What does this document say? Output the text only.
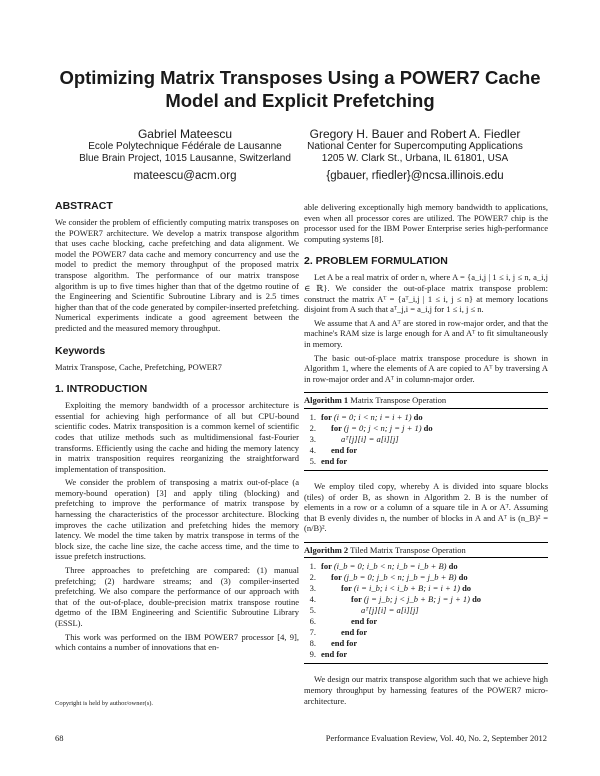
Optimizing Matrix Transposes Using a POWER7 Cache Model and Explicit Prefetching
Gabriel Mateescu
Ecole Polytechnique Fédérale de Lausanne
Blue Brain Project, 1015 Lausanne, Switzerland
mateescu@acm.org
Gregory H. Bauer and Robert A. Fiedler
National Center for Supercomputing Applications
1205 W. Clark St., Urbana, IL 61801, USA
{gbauer, rfiedler}@ncsa.illinois.edu
ABSTRACT

We consider the problem of efficiently computing matrix transposes on the POWER7 architecture. We develop a matrix transpose algorithm that uses cache blocking, cache prefetching and data alignment. We model the POWER7 data cache and memory concurrency and use the model to predict the memory throughput of the proposed matrix transpose algorithm. The performance of our matrix transpose algorithm is up to five times higher than that of the dgetmo routine of the Engineering and Scientific Subroutine Library and is 2.5 times higher than that of the code generated by compiler-inserted prefetching. Numerical experiments indicate a good agreement between the predicted and the measured memory throughput.

Keywords

Matrix Transpose, Cache, Prefetching, POWER7

1. INTRODUCTION

Exploiting the memory bandwidth of a processor architecture is essential for achieving high performance of all but CPU-bound scientific codes. Matrix transposition is a common kernel of scientific codes that utilize methods such as multidimensional fast-Fourier transforms. Efficiently using the cache and hiding the memory latency in matrix transposition requires reorganizing the straightforward implementation of transposition.

We consider the problem of transposing a matrix out-of-place (a memory-bound operation) [3] and apply tiling (blocking) and prefetching to improve the performance of matrix transpose by harnessing the characteristics of the processor architecture. Blocking improves the cache utilization and prefetching hides the memory latency. We model the time taken by matrix transpose in terms of the block size, the cache line size, the cache access time, and the time to issue prefetch instructions.

Three approaches to prefetching are compared: (1) manual prefetching; (2) hardware streams; and (3) compiler-inserted prefetching. We also compare the performance of our approach with that of the out-of-place, double-precision matrix transpose routine dgetmo of the IBM Engineering and Scientific Subroutine Library (ESSL).

This work was performed on the IBM POWER7 processor [4, 9], which contains a number of innovations that en-

able delivering exceptionally high memory bandwidth to applications, even when all processor cores are utilized. The POWER7 chip is the processor used for the IBM Power Enterprise series high-performance computing systems [8].

2. PROBLEM FORMULATION

Let A be a real matrix of order n, where A = {a_i,j | 1 ≤ i, j ≤ n, a_i,j ∈ ℝ}. We consider the out-of-place matrix transpose problem: construct the matrix Aᵀ = {aᵀ_i,j | 1 ≤ i, j ≤ n} at memory locations disjoint from A such that aᵀ_j,i = a_i,j for 1 ≤ i, j ≤ n.

We assume that A and Aᵀ are stored in row-major order, and that the machine's RAM size is large enough for A and Aᵀ to fit simultaneously in memory.

The basic out-of-place matrix transpose procedure is shown in Algorithm 1, where the elements of A are copied to Aᵀ by traversing A in row-major order and Aᵀ in column-major order.

Algorithm 1 Matrix Transpose Operation
1. for (i = 0; i < n; i = i + 1) do
2.	for (j = 0; j < n; j = j + 1) do
3.	aᵀ[j][i] = a[i][j]
4.	end for
5. end for

We employ tiled copy, whereby A is divided into square blocks (tiles) of order B, as shown in Algorithm 2. B is the number of elements in a row or a column of a square tile in A or Aᵀ. Assuming that B evenly divides n, the number of blocks in A and Aᵀ is (n_B)² = (n/B)².

Algorithm 2 Tiled Matrix Transpose Operation
1. for (i_b = 0; i_b < n; i_b = i_b + B) do
2.	for (j_b = 0; j_b < n; j_b = j_b + B) do
3.	for (i = i_b; i < i_b + B; i = i + 1) do
4.	for (j = j_b; j < j_b + B; j = j + 1) do
5.	aᵀ[j][i] = a[i][j]
6.	end for
7.	end for
8.	end for
9. end for

We design our matrix transpose algorithm such that we achieve high memory throughput by harnessing features of the POWER7 micro-architecture.

Copyright is held by author/owner(s).
68	Performance Evaluation Review, Vol. 40, No. 2, September 2012
